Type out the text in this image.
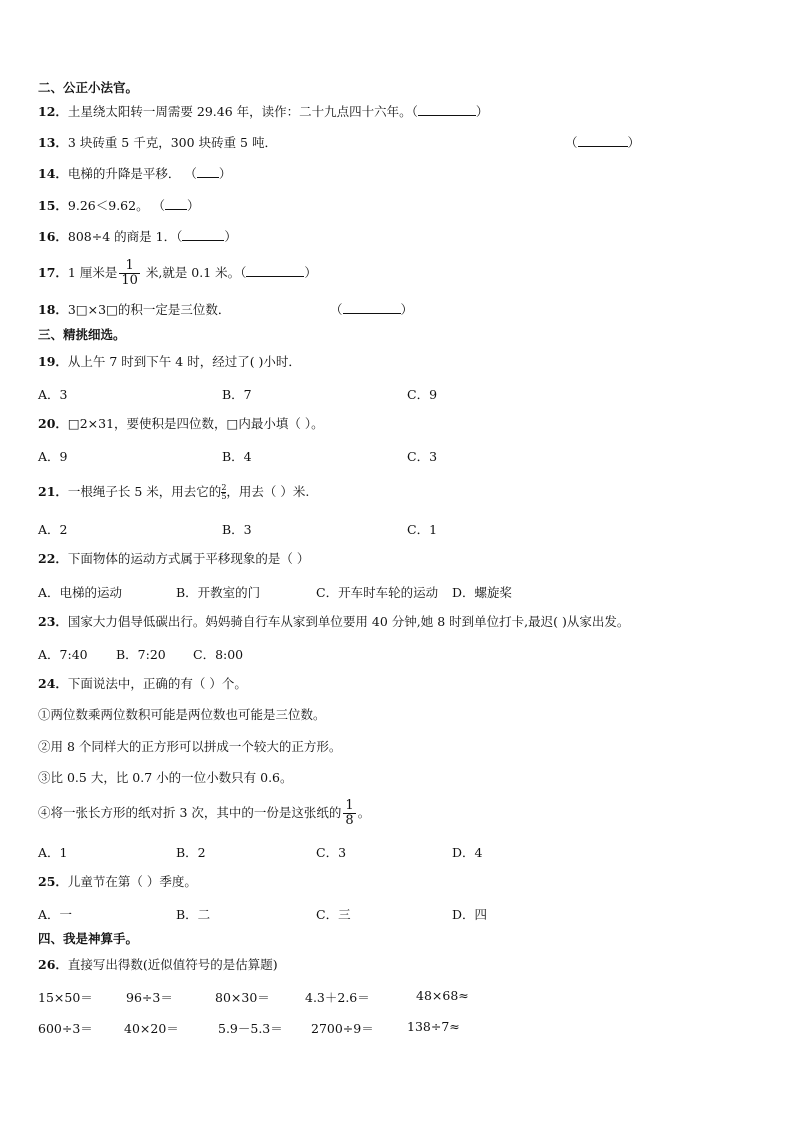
二、公正小法官。
12．土星绕太阳转一周需要 29.46 年，读作：二十九点四十六年。（	）
13．3 块砖重 5 千克，300 块砖重 5 吨．	（	）
14．电梯的升降是平移． （ ）
15．9.26＜9.62。 （ ）
16．808÷4 的商是 1．（	）
17．1 厘米是 $\frac{1}{10}$ 米,就是 0.1 米。（	）
18．3□×3□的积一定是三位数．	（	）
三、精挑细选。
19．从上午 7 时到下午 4 时，经过了( )小时．
A．3	B．7	C．9
20．□2×31，要使积是四位数，□内最小填（ ）。
A．9	B．4	C．3
21．一根绳子长 5 米，用去它的 $\frac{2}{5}$，用去（ ）米.
A．2	B．3	C．1
22．下面物体的运动方式属于平移现象的是（ ）
A．电梯的运动	B．开教室的门	C．开车时车轮的运动 D．螺旋桨
23．国家大力倡导低碳出行。妈妈骑自行车从家到单位要用 40 分钟,她 8 时到单位打卡,最迟( )从家出发。
A．7:40 B．7:20 C．8:00
24．下面说法中，正确的有（ ）个。
①两位数乘两位数积可能是两位数也可能是三位数。
②用 8 个同样大的正方形可以拼成一个较大的正方形。
③比 0.5 大，比 0.7 小的一位小数只有 0.6。
④将一张长方形的纸对折 3 次，其中的一份是这张纸的 $\frac{1}{8}$ 。
A．1	B．2	C．3	D．4
25．儿童节在第（ ）季度。
A．一	B．二	C．三	D．四
四、我是神算手。
26．直接写出得数(近似值符号的是估算题)
15×50＝	96÷3＝	80×30＝	4.3＋2.6＝	48×68≈
600÷3＝ 40×20＝	5.9－5.3＝ 2700÷9＝	138÷7≈
